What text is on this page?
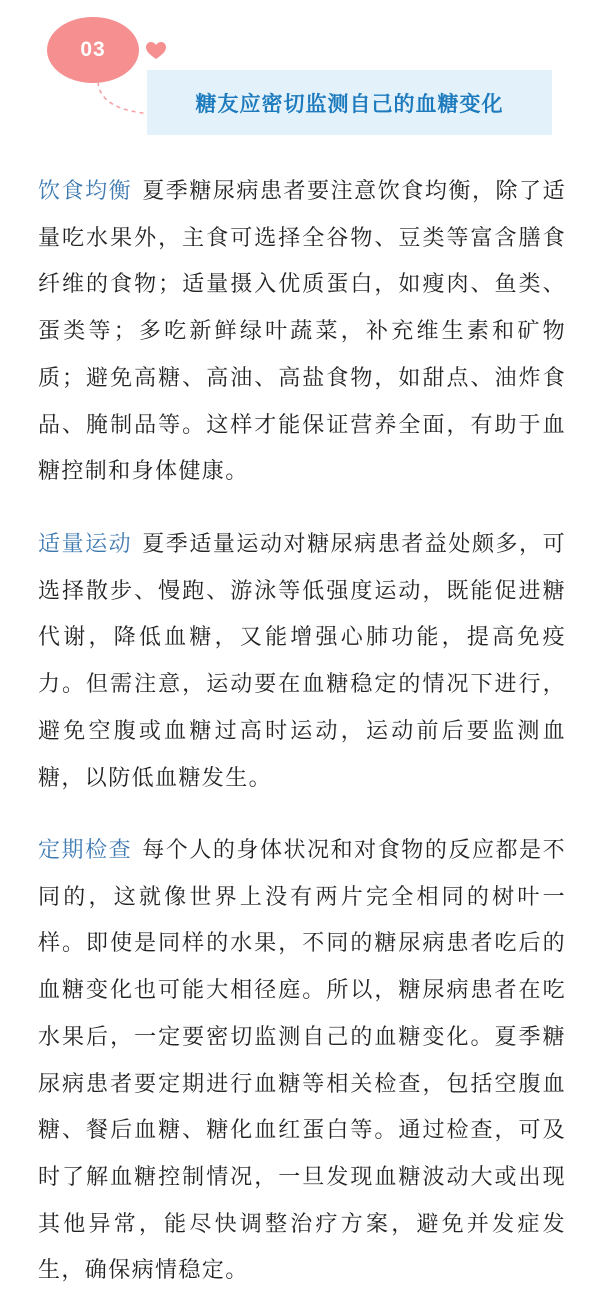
03
糖友应密切监测自己的血糖变化

饮食均衡 夏季糖尿病患者要注意饮食均衡，除了适量吃水果外，主食可选择全谷物、豆类等富含膳食纤维的食物；适量摄入优质蛋白，如瘦肉、鱼类、蛋类等；多吃新鲜绿叶蔬菜，补充维生素和矿物质；避免高糖、高油、高盐食物，如甜点、油炸食品、腌制品等。这样才能保证营养全面，有助于血糖控制和身体健康。

适量运动 夏季适量运动对糖尿病患者益处颇多，可选择散步、慢跑、游泳等低强度运动，既能促进糖代谢，降低血糖，又能增强心肺功能，提高免疫力。但需注意，运动要在血糖稳定的情况下进行，避免空腹或血糖过高时运动，运动前后要监测血糖，以防低血糖发生。

定期检查 每个人的身体状况和对食物的反应都是不同的，这就像世界上没有两片完全相同的树叶一样。即使是同样的水果，不同的糖尿病患者吃后的血糖变化也可能大相径庭。所以，糖尿病患者在吃水果后，一定要密切监测自己的血糖变化。夏季糖尿病患者要定期进行血糖等相关检查，包括空腹血糖、餐后血糖、糖化血红蛋白等。通过检查，可及时了解血糖控制情况，一旦发现血糖波动大或出现其他异常，能尽快调整治疗方案，避免并发症发生，确保病情稳定。
